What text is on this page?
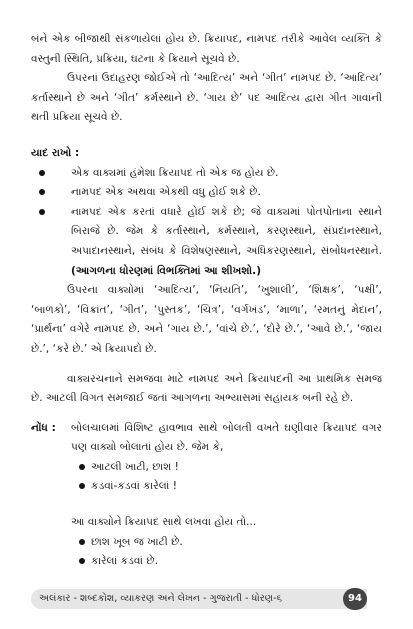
બંને એક બીજાથી સંકળાયેલાં હોય છે. ક્રિયાપદ, નામપદ તરીકે આવેલ વ્યક્તિ કે વસ્તુની સ્થિતિ, પ્રક્રિયા, ઘટના કે ક્રિયાને સૂચવે છે.

ઉપરનાં ઉદાહરણ જોઈએ તો ‘આદિત્ય’ અને ‘ગીત’ નામપદ છે. ‘આદિત્ય’ કર્તાસ્થાને છે અને ‘ગીત’ કર્મસ્થાને છે. ‘ગાય છે’ પદ આદિત્ય દ્વારા ગીત ગાવાની થતી પ્રક્રિયા સૂચવે છે.

યાદ રાખો :

એક વાક્યમાં હંમેશા ક્રિયાપદ તો એક જ હોય છે.
નામપદ એક અથવા એકથી વધુ હોઈ શકે છે.
નામપદ એક કરતાં વધારે હોઈ શકે છે; જે વાક્યમાં પોતપોતાના સ્થાને બિરાજે છે. જેમ કે કર્તાસ્થાને, કર્મસ્થાને, કરણસ્થાને, સંપ્રદાનસ્થાને, અપાદાનસ્થાને, સંબંધ કે વિશેષણસ્થાને, અધિકરણસ્થાને, સંબોધનસ્થાને. (આગળના ધોરણમાં વિભક્તિમાં આ શીખશો.)

ઉપરના વાક્યોમાં ‘આદિત્ય’, ‘નિયતિ’, ‘ખુશાલી’, ‘શિક્ષક’, ‘પક્ષી’, ‘બાળકો’, ‘વિક્રાંત’, ‘ગીત’, ‘પુસ્તક’, ‘ચિત્ર’, ‘વર્ગખંડ’, ‘માળા’, ‘રમતનું મેદાન’, ‘પ્રાર્થના’ વગેરે નામપદ છે. અને ‘ગાય છે.’, ‘વાંચે છે.’, ‘દોરે છે.’, ‘આવે છે.’, ‘જાય છે.’, ‘કરે છે.’ એ ક્રિયાપદો છે.

વાક્યરચનાને સમજવા માટે નામપદ અને ક્રિયાપદની આ પ્રાથમિક સમજ છે. આટલી વિગત સમજાઈ જતાં આગળના અભ્યાસમાં સહાયક બની રહે છે.

નોંધ : બોલચાલમાં વિશિષ્ટ હાવભાવ સાથે બોલતી વખતે ઘણીવાર ક્રિયાપદ વગર પણ વાક્યો બોલાતાં હોય છે. જેમ કે,
આટલી ખાટી, છાશ !
કડવાં-કડવાં કારેલાં !

આ વાક્યોને ક્રિયાપદ સાથે લખવા હોય તો...

છાશ ખૂબ જ ખાટી છે.
કારેલાં કડવાં છે.
અલંકાર - શબ્દકોશ, વ્યાકરણ અને લેખન - ગુજરાતી - ધોરણ-૬	94
